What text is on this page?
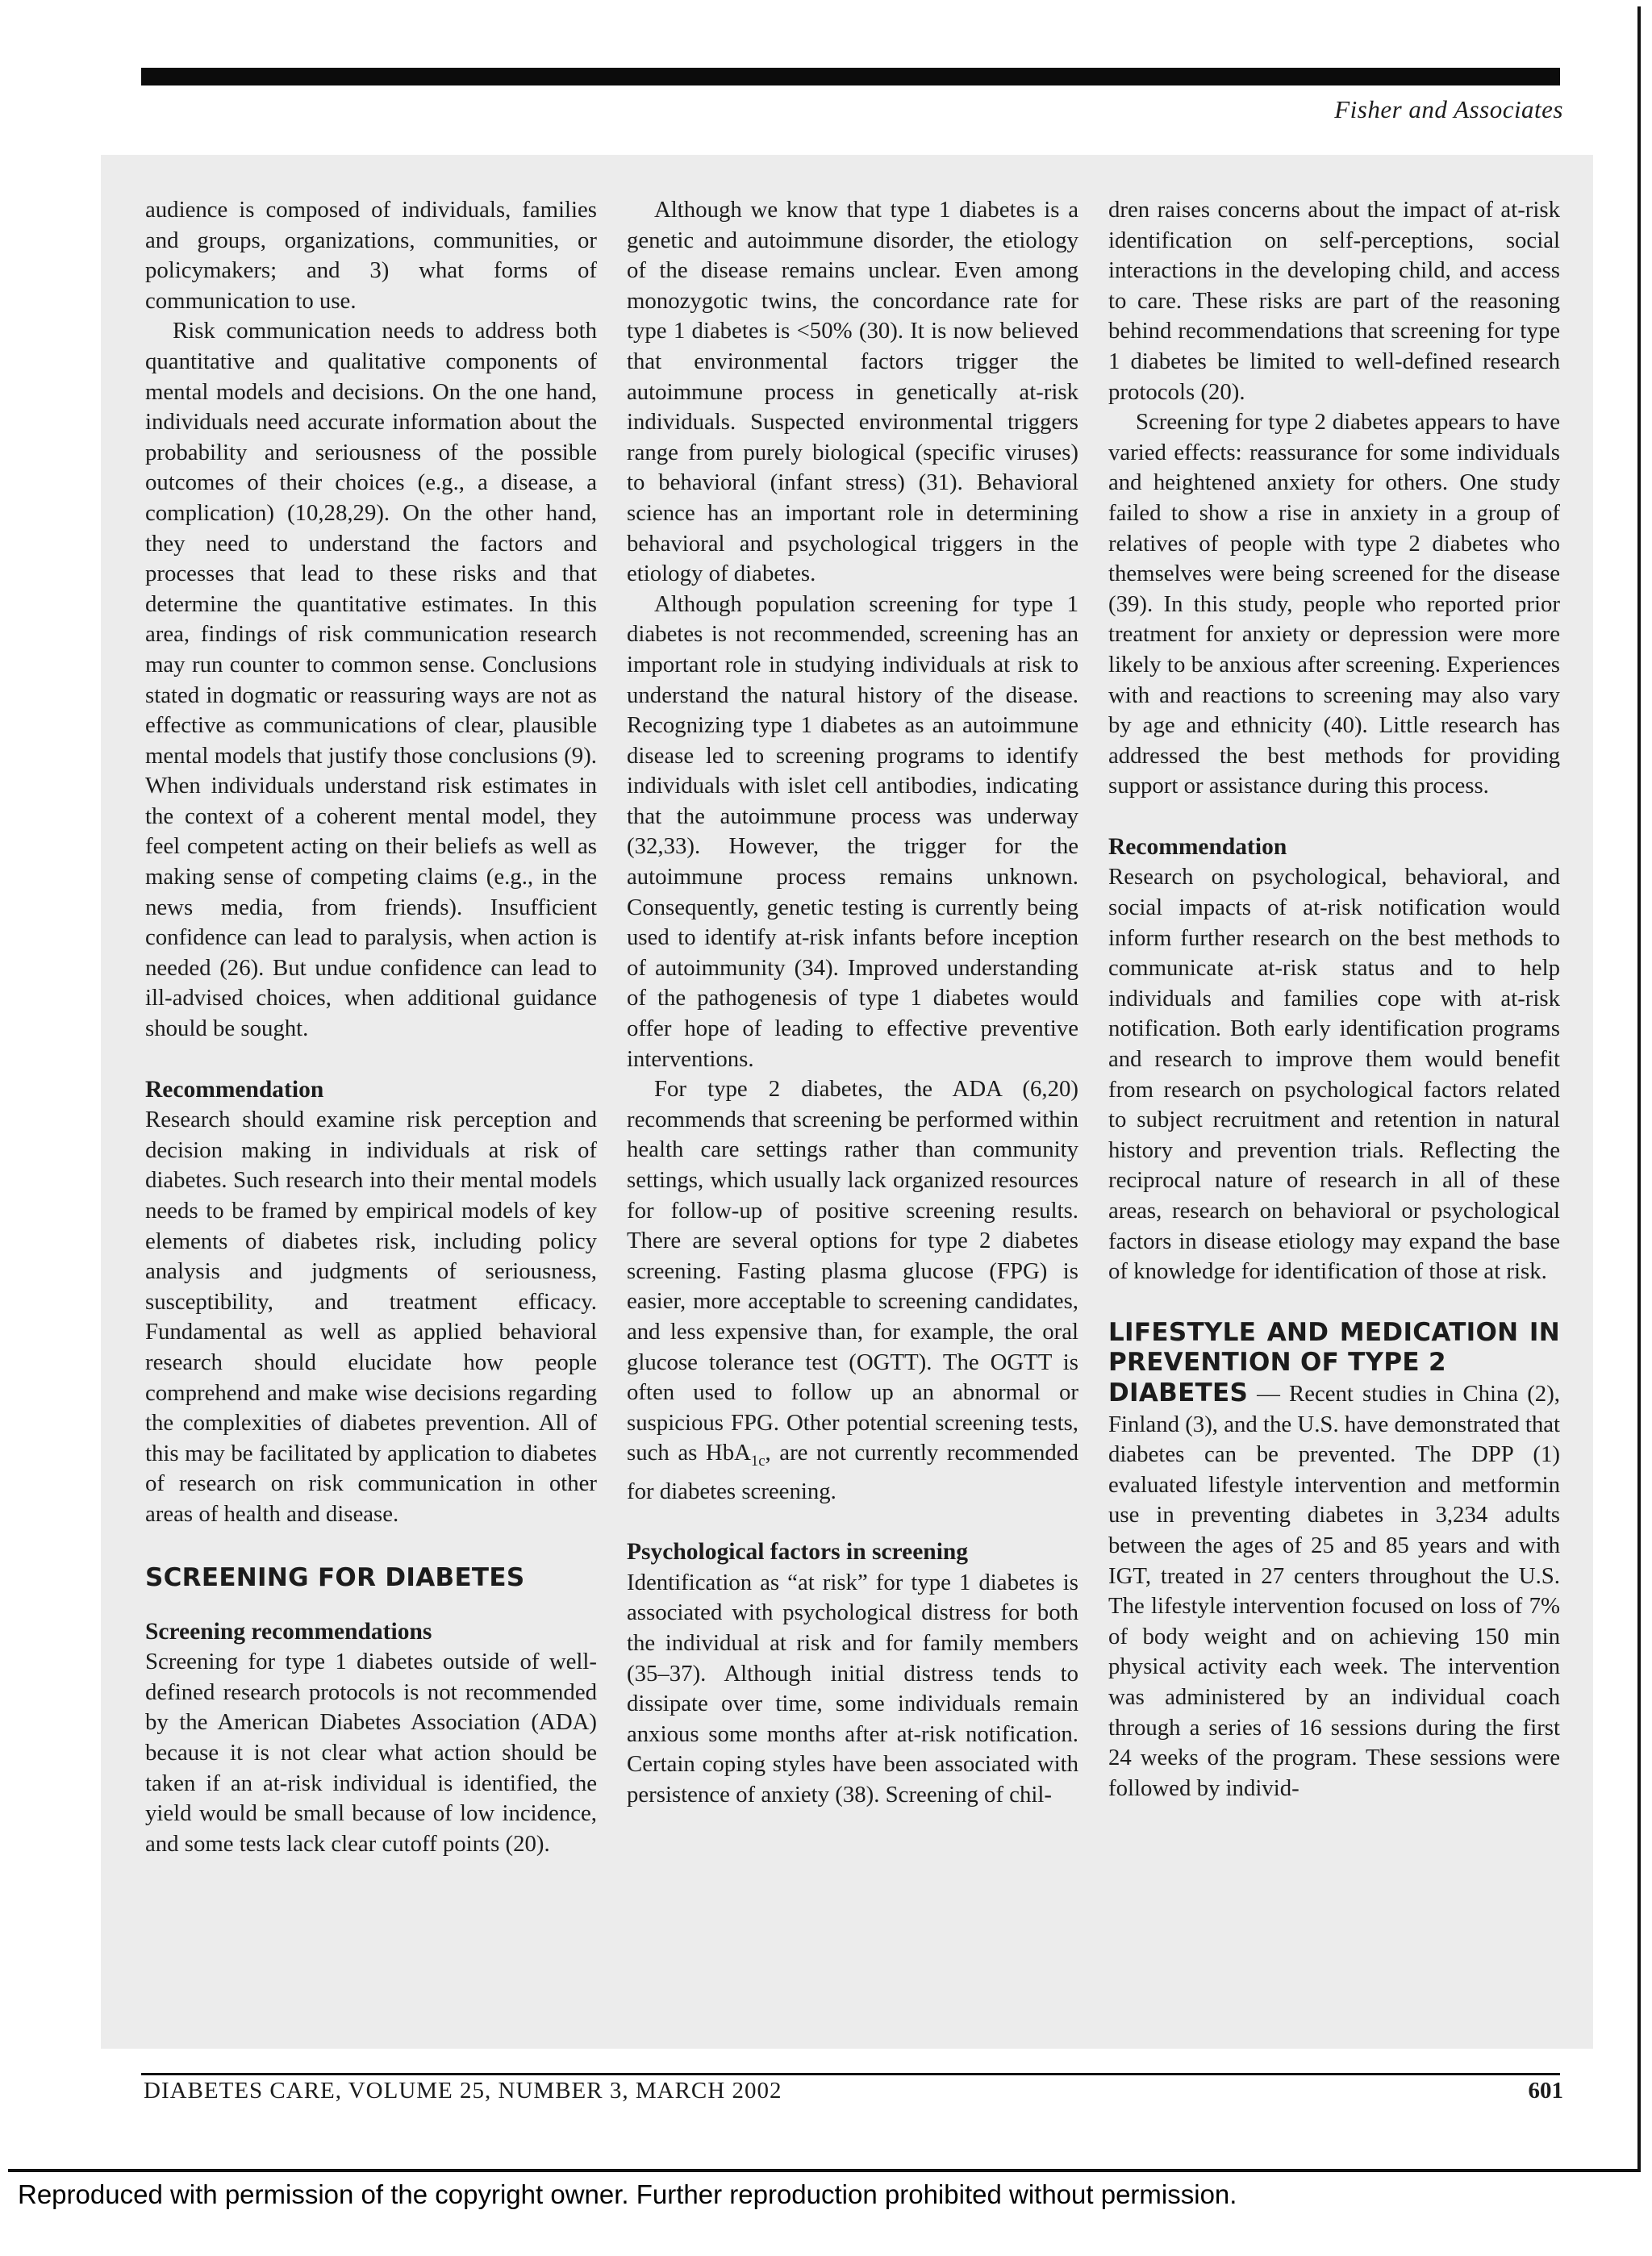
Fisher and Associates

audience is composed of individuals, families and groups, organizations, communities, or policymakers; and 3) what forms of communication to use.

Risk communication needs to address both quantitative and qualitative components of mental models and decisions. On the one hand, individuals need accurate information about the probability and seriousness of the possible outcomes of their choices (e.g., a disease, a complication) (10,28,29). On the other hand, they need to understand the factors and processes that lead to these risks and that determine the quantitative estimates. In this area, findings of risk communication research may run counter to common sense. Conclusions stated in dogmatic or reassuring ways are not as effective as communications of clear, plausible mental models that justify those conclusions (9). When individuals understand risk estimates in the context of a coherent mental model, they feel competent acting on their beliefs as well as making sense of competing claims (e.g., in the news media, from friends). Insufficient confidence can lead to paralysis, when action is needed (26). But undue confidence can lead to ill-advised choices, when additional guidance should be sought.

Recommendation

Research should examine risk perception and decision making in individuals at risk of diabetes. Such research into their mental models needs to be framed by empirical models of key elements of diabetes risk, including policy analysis and judgments of seriousness, susceptibility, and treatment efficacy. Fundamental as well as applied behavioral research should elucidate how people comprehend and make wise decisions regarding the complexities of diabetes prevention. All of this may be facilitated by application to diabetes of research on risk communication in other areas of health and disease.

SCREENING FOR DIABETES
Screening recommendations

Screening for type 1 diabetes outside of well-defined research protocols is not recommended by the American Diabetes Association (ADA) because it is not clear what action should be taken if an at-risk individual is identified, the yield would be small because of low incidence, and some tests lack clear cutoff points (20).

Although we know that type 1 diabetes is a genetic and autoimmune disorder, the etiology of the disease remains unclear. Even among monozygotic twins, the concordance rate for type 1 diabetes is <50% (30). It is now believed that environmental factors trigger the autoimmune process in genetically at-risk individuals. Suspected environmental triggers range from purely biological (specific viruses) to behavioral (infant stress) (31). Behavioral science has an important role in determining behavioral and psychological triggers in the etiology of diabetes.

Although population screening for type 1 diabetes is not recommended, screening has an important role in studying individuals at risk to understand the natural history of the disease. Recognizing type 1 diabetes as an autoimmune disease led to screening programs to identify individuals with islet cell antibodies, indicating that the autoimmune process was underway (32,33). However, the trigger for the autoimmune process remains unknown. Consequently, genetic testing is currently being used to identify at-risk infants before inception of autoimmunity (34). Improved understanding of the pathogenesis of type 1 diabetes would offer hope of leading to effective preventive interventions.

For type 2 diabetes, the ADA (6,20) recommends that screening be performed within health care settings rather than community settings, which usually lack organized resources for follow-up of positive screening results. There are several options for type 2 diabetes screening. Fasting plasma glucose (FPG) is easier, more acceptable to screening candidates, and less expensive than, for example, the oral glucose tolerance test (OGTT). The OGTT is often used to follow up an abnormal or suspicious FPG. Other potential screening tests, such as HbA$_{1c}$, are not currently recommended for diabetes screening.

Psychological factors in screening

Identification as “at risk” for type 1 diabetes is associated with psychological distress for both the individual at risk and for family members (35–37). Although initial distress tends to dissipate over time, some individuals remain anxious some months after at-risk notification. Certain coping styles have been associated with persistence of anxiety (38). Screening of chil-

dren raises concerns about the impact of at-risk identification on self-perceptions, social interactions in the developing child, and access to care. These risks are part of the reasoning behind recommendations that screening for type 1 diabetes be limited to well-defined research protocols (20).

Screening for type 2 diabetes appears to have varied effects: reassurance for some individuals and heightened anxiety for others. One study failed to show a rise in anxiety in a group of relatives of people with type 2 diabetes who themselves were being screened for the disease (39). In this study, people who reported prior treatment for anxiety or depression were more likely to be anxious after screening. Experiences with and reactions to screening may also vary by age and ethnicity (40). Little research has addressed the best methods for providing support or assistance during this process.

Recommendation

Research on psychological, behavioral, and social impacts of at-risk notification would inform further research on the best methods to communicate at-risk status and to help individuals and families cope with at-risk notification. Both early identification programs and research to improve them would benefit from research on psychological factors related to subject recruitment and retention in natural history and prevention trials. Reflecting the reciprocal nature of research in all of these areas, research on behavioral or psychological factors in disease etiology may expand the base of knowledge for identification of those at risk.

LIFESTYLE AND MEDICATION IN PREVENTION OF TYPE 2

DIABETES — Recent studies in China (2), Finland (3), and the U.S. have demonstrated that diabetes can be prevented. The DPP (1) evaluated lifestyle intervention and metformin use in preventing diabetes in 3,234 adults between the ages of 25 and 85 years and with IGT, treated in 27 centers throughout the U.S. The lifestyle intervention focused on loss of 7% of body weight and on achieving 150 min physical activity each week. The intervention was administered by an individual coach through a series of 16 sessions during the first 24 weeks of the program. These sessions were followed by individ-

DIABETES CARE, VOLUME 25, NUMBER 3, MARCH 2002	601
Reproduced with permission of the copyright owner. Further reproduction prohibited without permission.
